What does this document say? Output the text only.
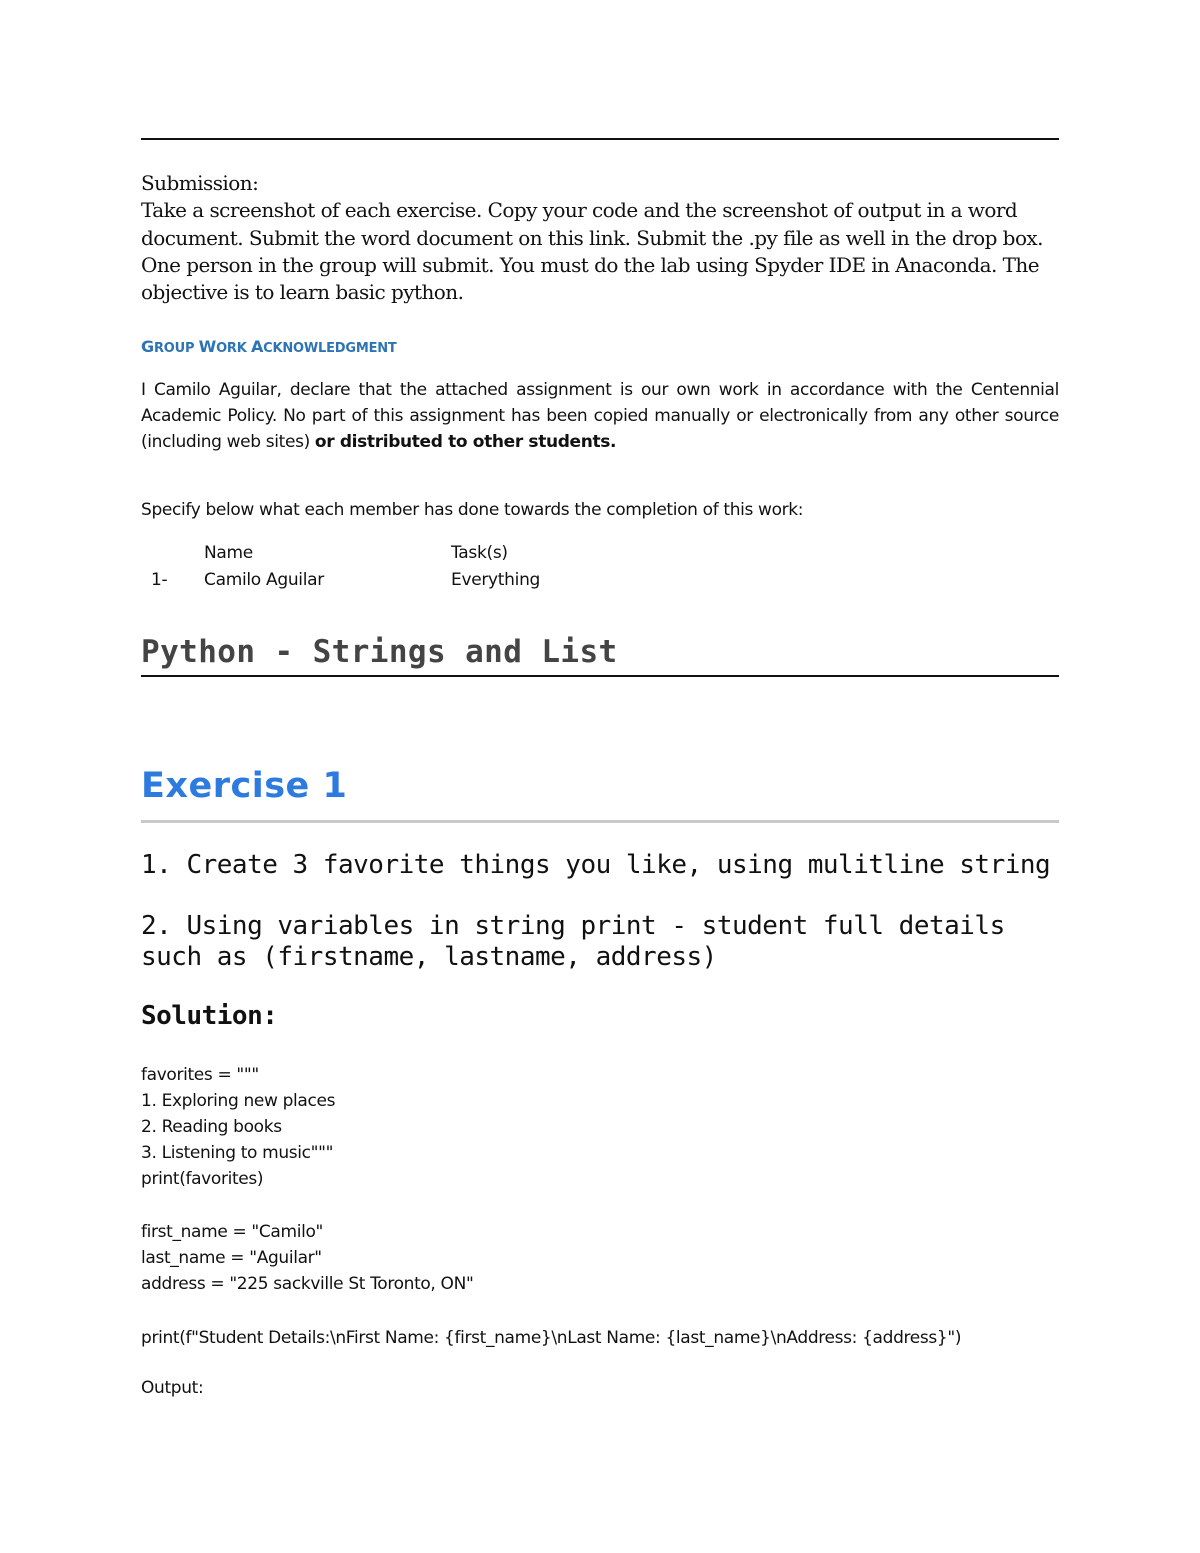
Submission:

Take a screenshot of each exercise. Copy your code and the screenshot of output in a word document. Submit the word document on this link. Submit the .py file as well in the drop box. One person in the group will submit. You must do the lab using Spyder IDE in Anaconda. The objective is to learn basic python.

GROUP WORK ACKNOWLEDGMENT
I Camilo Aguilar, declare that the attached assignment is our own work in accordance with the Centennial Academic Policy. No part of this assignment has been copied manually or electronically from any other source (including web sites) or distributed to other students.
Specify below what each member has done towards the completion of this work:
Name	Task(s)
1- Camilo Aguilar	Everything
Python - Strings and List
Exercise 1
1. Create 3 favorite things you like, using mulitline string
2. Using variables in string print - student full details such as (firstname, lastname, address)
Solution:
favorites = """
1. Exploring new places
2. Reading books
3. Listening to music"""
print(favorites)
first_name = "Camilo"
last_name = "Aguilar"
address = "225 sackville St Toronto, ON"
print(f"Student Details:\nFirst Name: {first_name}\nLast Name: {last_name}\nAddress: {address}")
Output:
